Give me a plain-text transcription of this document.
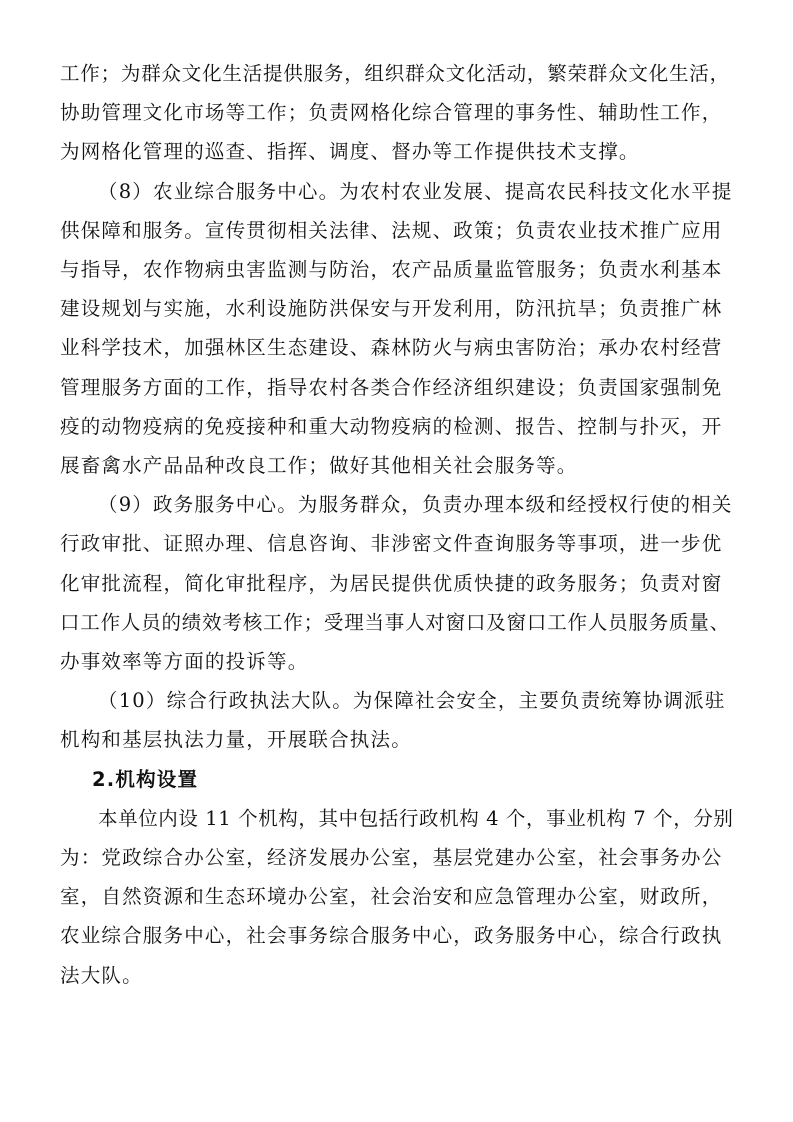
工作；为群众文化生活提供服务，组织群众文化活动，繁荣群众文化生活，
协助管理文化市场等工作；负责网格化综合管理的事务性、辅助性工作，
为网格化管理的巡查、指挥、调度、督办等工作提供技术支撑。
（8）农业综合服务中心。为农村农业发展、提高农民科技文化水平提
供保障和服务。宣传贯彻相关法律、法规、政策；负责农业技术推广应用
与指导，农作物病虫害监测与防治，农产品质量监管服务；负责水利基本
建设规划与实施，水利设施防洪保安与开发利用，防汛抗旱；负责推广林
业科学技术，加强林区生态建设、森林防火与病虫害防治；承办农村经营
管理服务方面的工作，指导农村各类合作经济组织建设；负责国家强制免
疫的动物疫病的免疫接种和重大动物疫病的检测、报告、控制与扑灭，开
展畜禽水产品品种改良工作；做好其他相关社会服务等。
（9）政务服务中心。为服务群众，负责办理本级和经授权行使的相关
行政审批、证照办理、信息咨询、非涉密文件查询服务等事项，进一步优
化审批流程，简化审批程序，为居民提供优质快捷的政务服务；负责对窗
口工作人员的绩效考核工作；受理当事人对窗口及窗口工作人员服务质量、
办事效率等方面的投诉等。
（10）综合行政执法大队。为保障社会安全，主要负责统筹协调派驻
机构和基层执法力量，开展联合执法。
2.机构设置
本单位内设 11 个机构，其中包括行政机构 4 个，事业机构 7 个，分别
为：党政综合办公室，经济发展办公室，基层党建办公室，社会事务办公
室，自然资源和生态环境办公室，社会治安和应急管理办公室，财政所，
农业综合服务中心，社会事务综合服务中心，政务服务中心，综合行政执
法大队。
